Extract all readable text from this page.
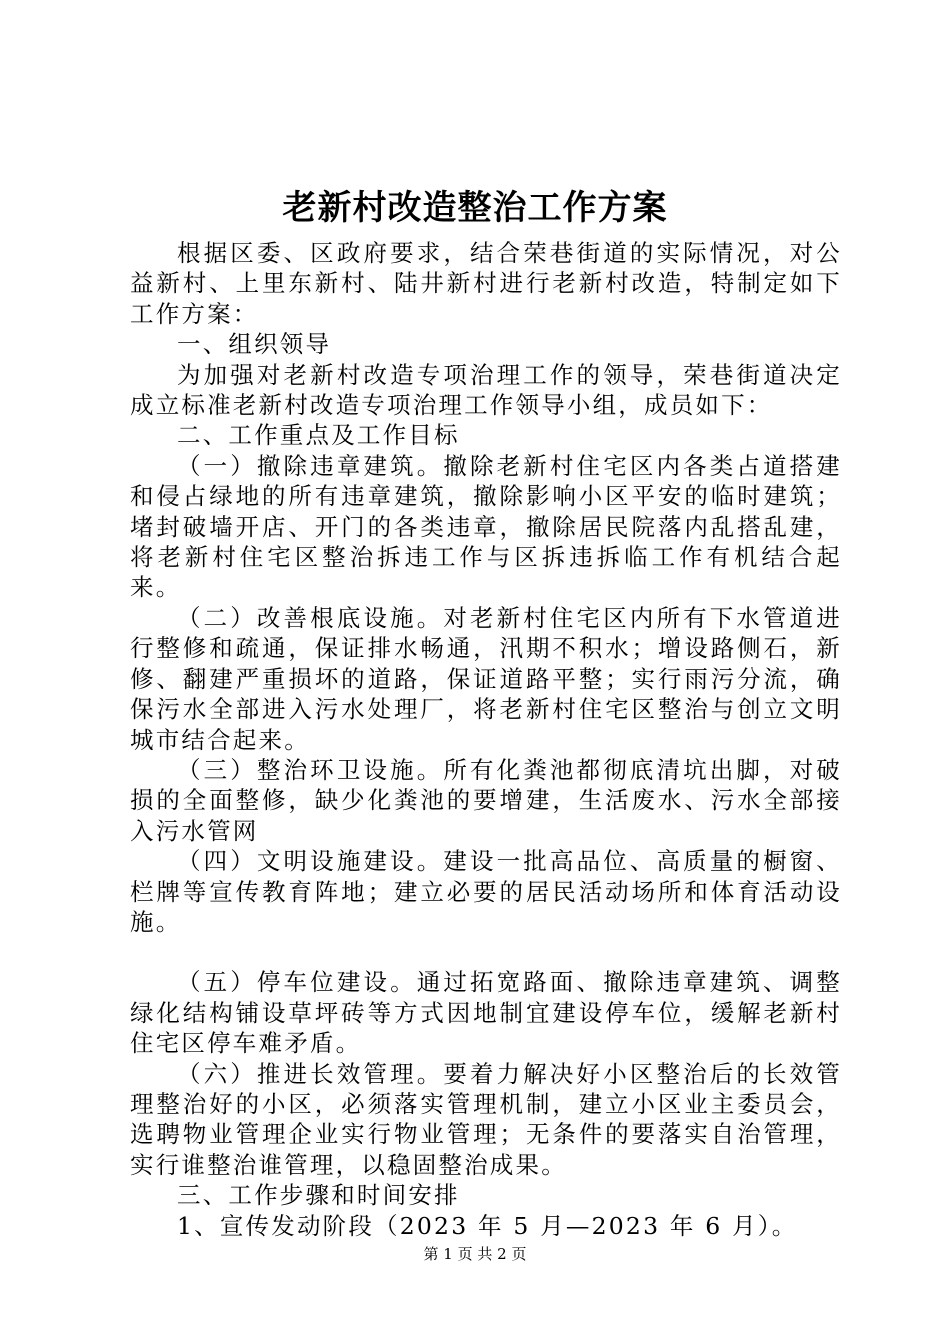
老新村改造整治工作方案

根据区委、区政府要求，结合荣巷街道的实际情况，对公益新村、上里东新村、陆井新村进行老新村改造，特制定如下工作方案：

一、组织领导

为加强对老新村改造专项治理工作的领导，荣巷街道决定成立标准老新村改造专项治理工作领导小组，成员如下：

二、工作重点及工作目标

（一）撤除违章建筑。撤除老新村住宅区内各类占道搭建和侵占绿地的所有违章建筑，撤除影响小区平安的临时建筑；堵封破墙开店、开门的各类违章，撤除居民院落内乱搭乱建，将老新村住宅区整治拆违工作与区拆违拆临工作有机结合起来。

（二）改善根底设施。对老新村住宅区内所有下水管道进行整修和疏通，保证排水畅通，汛期不积水；增设路侧石，新修、翻建严重损坏的道路，保证道路平整；实行雨污分流，确保污水全部进入污水处理厂，将老新村住宅区整治与创立文明城市结合起来。

（三）整治环卫设施。所有化粪池都彻底清坑出脚，对破损的全面整修，缺少化粪池的要增建，生活废水、污水全部接入污水管网

（四）文明设施建设。建设一批高品位、高质量的橱窗、栏牌等宣传教育阵地；建立必要的居民活动场所和体育活动设施。

（五）停车位建设。通过拓宽路面、撤除违章建筑、调整绿化结构铺设草坪砖等方式因地制宜建设停车位，缓解老新村住宅区停车难矛盾。

（六）推进长效管理。要着力解决好小区整治后的长效管理整治好的小区，必须落实管理机制，建立小区业主委员会，选聘物业管理企业实行物业管理；无条件的要落实自治管理，实行谁整治谁管理，以稳固整治成果。

三、工作步骤和时间安排

1、宣传发动阶段（2023 年 5 月—2023 年 6 月）。

第 1 页 共 2 页
